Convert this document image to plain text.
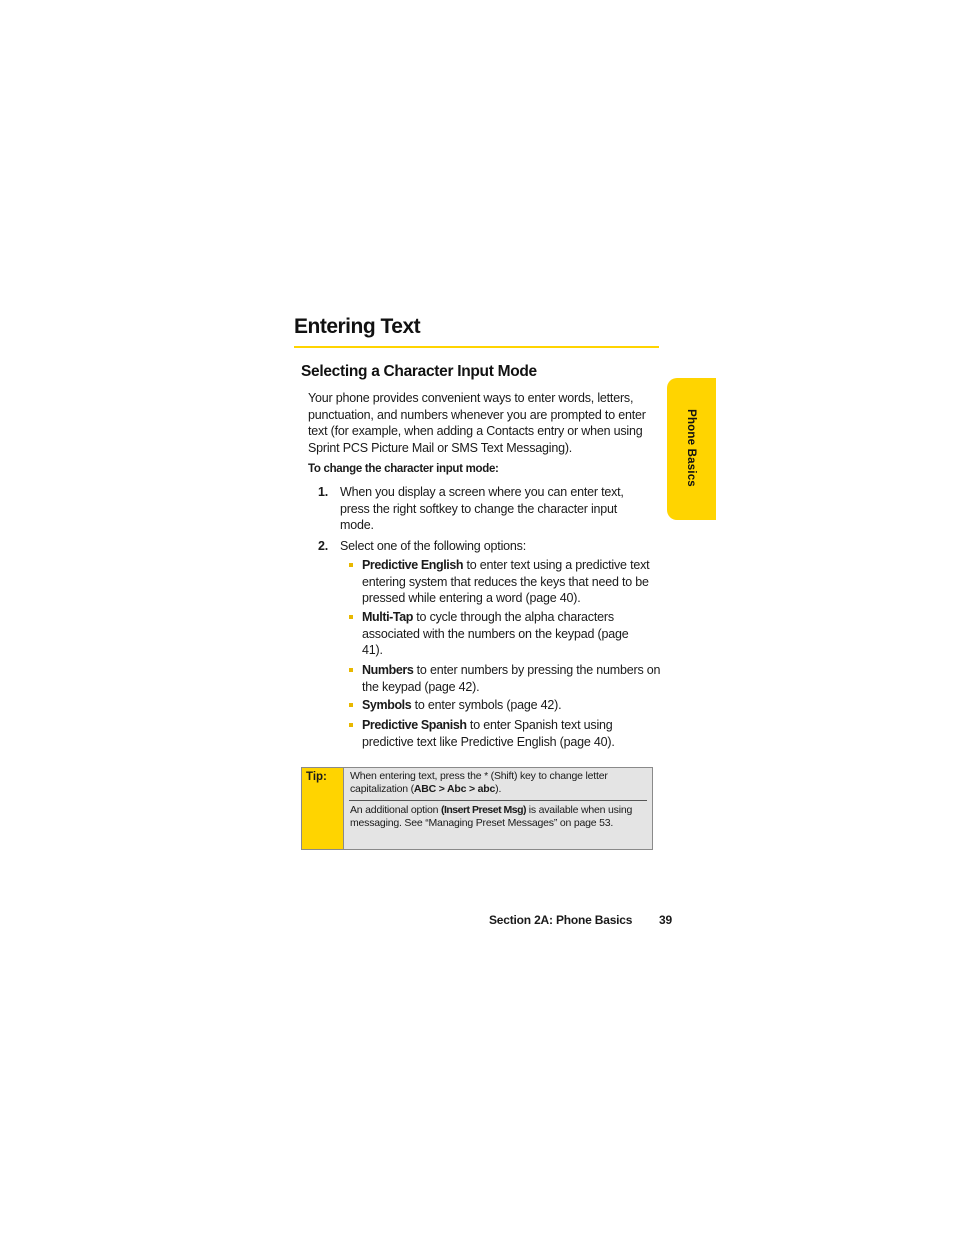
Entering Text
Selecting a Character Input Mode

Your phone provides convenient ways to enter words, letters, punctuation, and numbers whenever you are prompted to enter text (for example, when adding a Contacts entry or when using Sprint PCS Picture Mail or SMS Text Messaging).

To change the character input mode:

1. When you display a screen where you can enter text, press the right softkey to change the character input mode.
2. Select one of the following options:
Predictive English to enter text using a predictive text entering system that reduces the keys that need to be pressed while entering a word (page 40).
Multi-Tap to cycle through the alpha characters associated with the numbers on the keypad (page 41).
Numbers to enter numbers by pressing the numbers on the keypad (page 42).
Symbols to enter symbols (page 42).
Predictive Spanish to enter Spanish text using predictive text like Predictive English (page 40).
Phone Basics
Tip: When entering text, press the * (Shift) key to change letter capitalization (ABC > Abc > abc).
An additional option (Insert Preset Msg) is available when using messaging. See “Managing Preset Messages” on page 53.
Section 2A: Phone Basics 39
